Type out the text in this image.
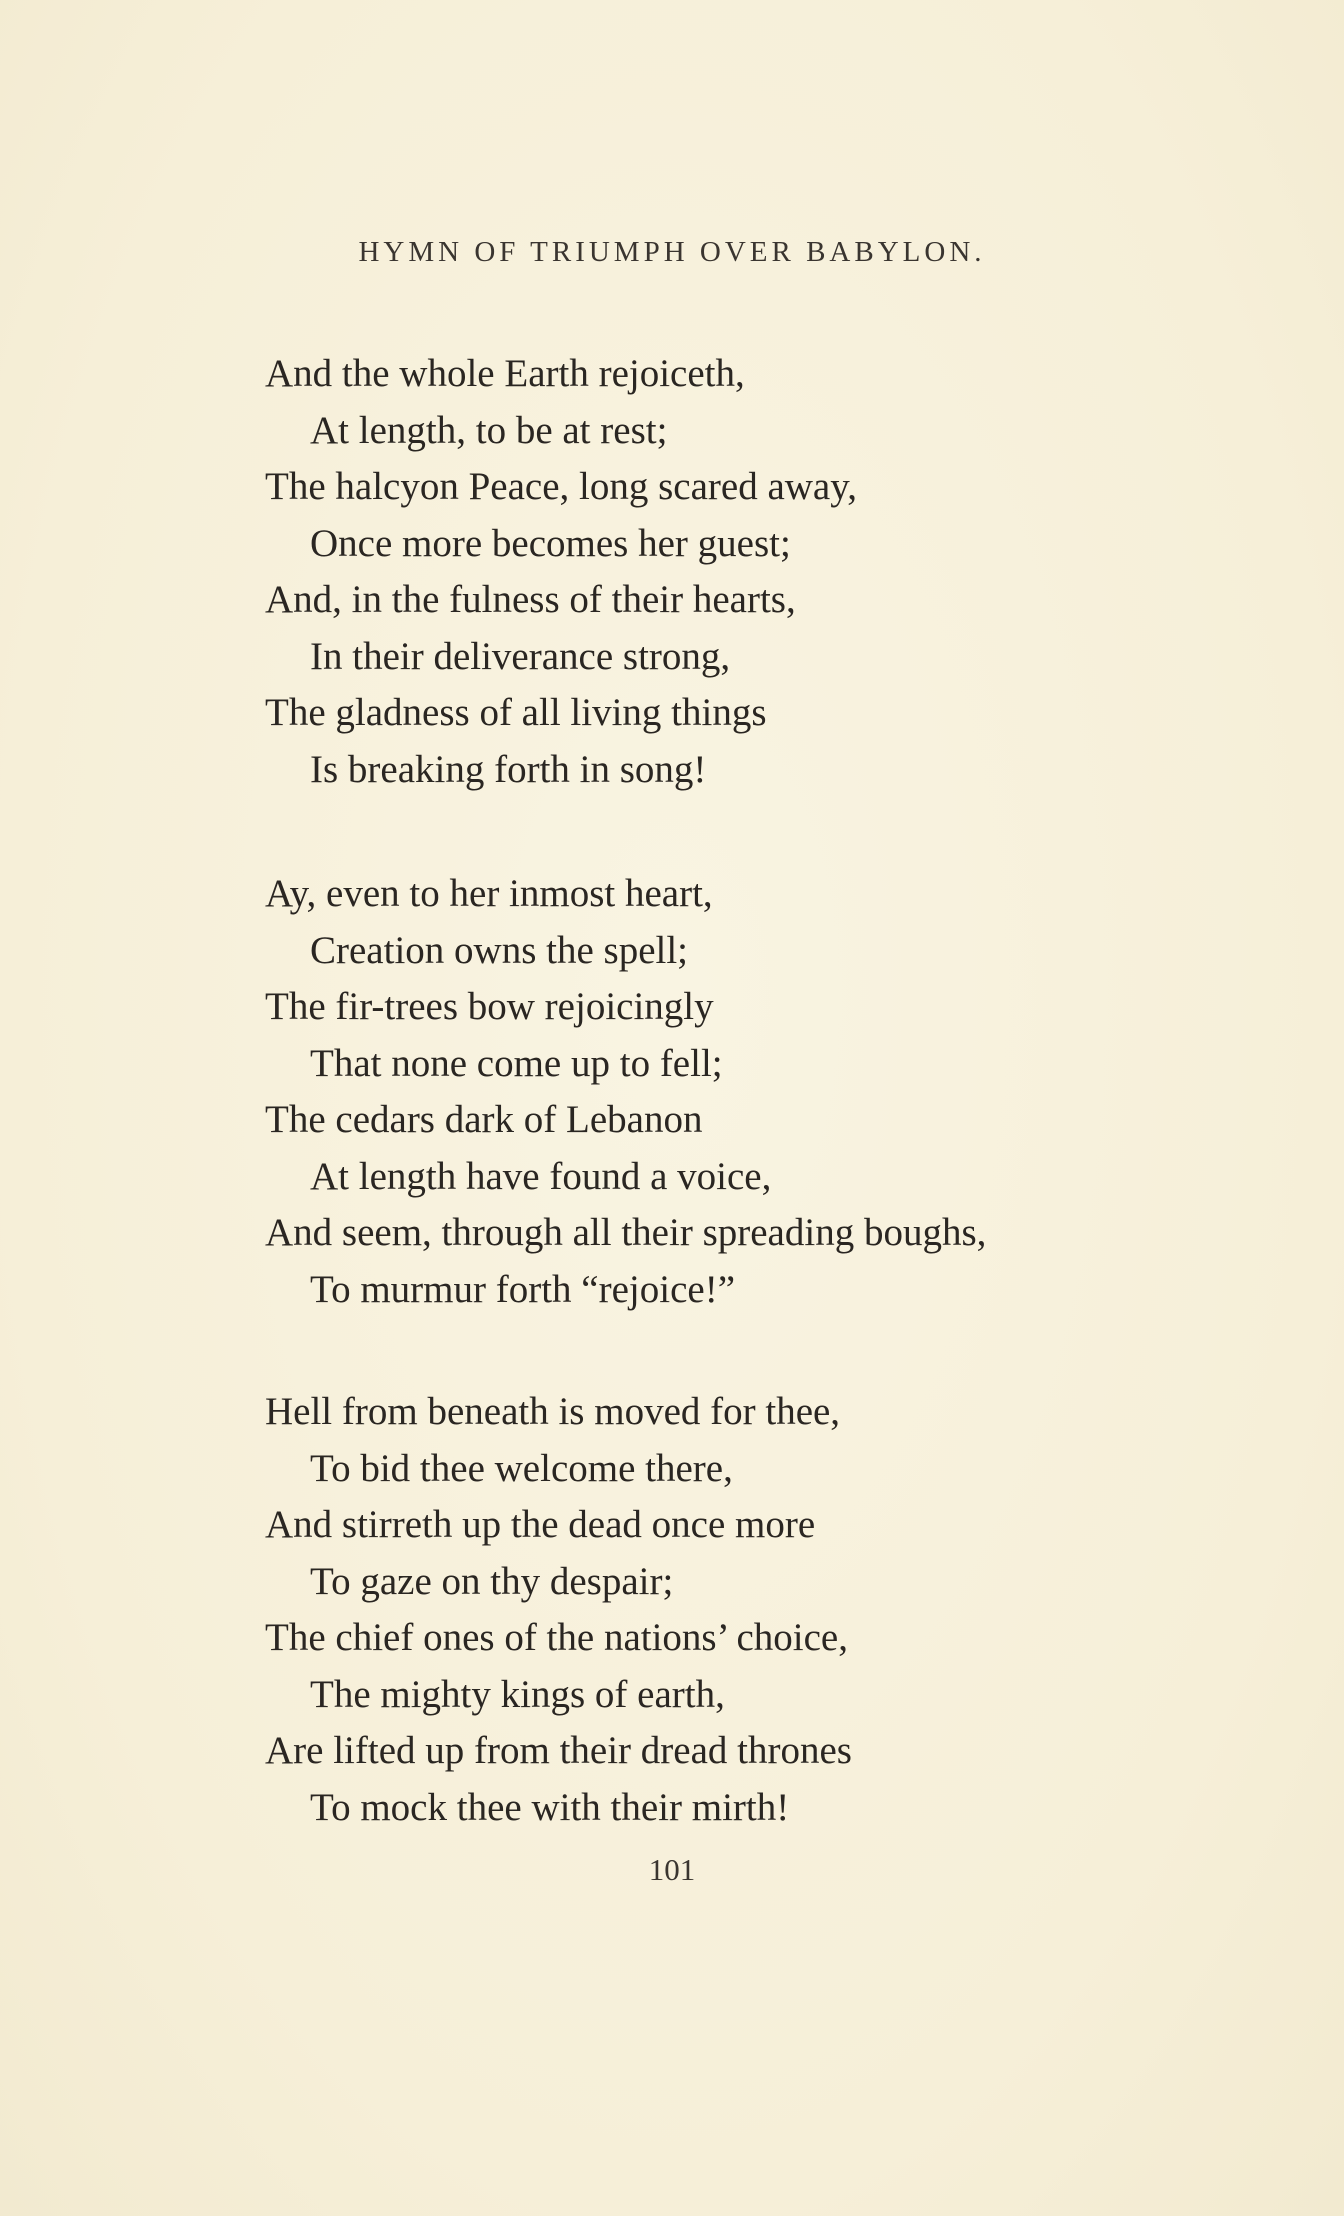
HYMN OF TRIUMPH OVER BABYLON.
And the whole Earth rejoiceth,
At length, to be at rest;
The halcyon Peace, long scared away,
Once more becomes her guest;
And, in the fulness of their hearts,
In their deliverance strong,
The gladness of all living things
Is breaking forth in song!
Ay, even to her inmost heart,
Creation owns the spell;
The fir-trees bow rejoicingly
That none come up to fell;
The cedars dark of Lebanon
At length have found a voice,
And seem, through all their spreading boughs,
To murmur forth “rejoice!”
Hell from beneath is moved for thee,
To bid thee welcome there,
And stirreth up the dead once more
To gaze on thy despair;
The chief ones of the nations’ choice,
The mighty kings of earth,
Are lifted up from their dread thrones
To mock thee with their mirth!
101
